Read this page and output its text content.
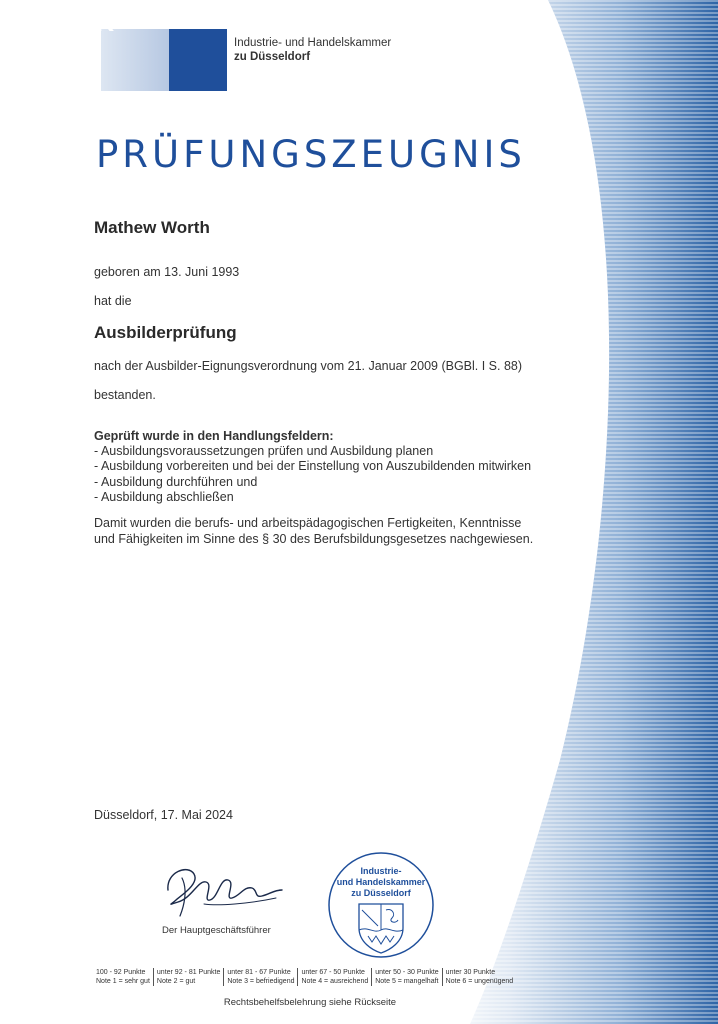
IHK
Industrie- und Handelskammer
zu Düsseldorf
PRÜFUNGSZEUGNIS
Mathew Worth
geboren am 13. Juni 1993
hat die
Ausbilderprüfung
nach der Ausbilder-Eignungsverordnung vom 21. Januar 2009 (BGBl. I S. 88)
bestanden.
Geprüft wurde in den Handlungsfeldern:
- Ausbildungsvoraussetzungen prüfen und Ausbildung planen
- Ausbildung vorbereiten und bei der Einstellung von Auszubildenden mitwirken
- Ausbildung durchführen und
- Ausbildung abschließen
Damit wurden die berufs- und arbeitspädagogischen Fertigkeiten, Kenntnisse
und Fähigkeiten im Sinne des § 30 des Berufsbildungsgesetzes nachgewiesen.
Düsseldorf, 17. Mai 2024
Der Hauptgeschäftsführer
Industrie-
und Handelskammer
zu Düsseldorf
100 - 92 Punkte
Note 1 = sehr gut
unter 92 - 81 Punkte
Note 2 = gut
unter 81 - 67 Punkte
Note 3 = befriedigend
unter 67 - 50 Punkte
Note 4 = ausreichend
unter 50 - 30 Punkte
Note 5 = mangelhaft
unter 30 Punkte
Note 6 = ungenügend
Rechtsbehelfsbelehrung siehe Rückseite
